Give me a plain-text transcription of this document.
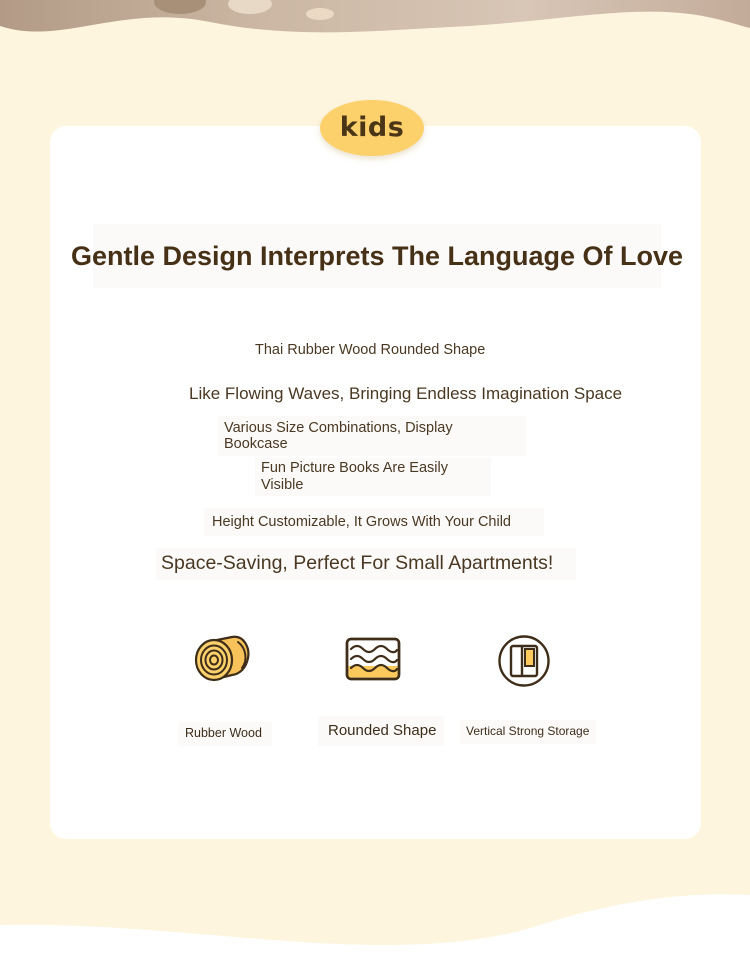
kids
Gentle Design Interprets The Language Of Love
Thai Rubber Wood Rounded Shape
Like Flowing Waves, Bringing Endless Imagination Space
Various Size Combinations, Display Bookcase
Fun Picture Books Are Easily Visible
Height Customizable, It Grows With Your Child
Space-Saving, Perfect For Small Apartments!
Rubber Wood	Rounded Shape Vertical Strong Storage
